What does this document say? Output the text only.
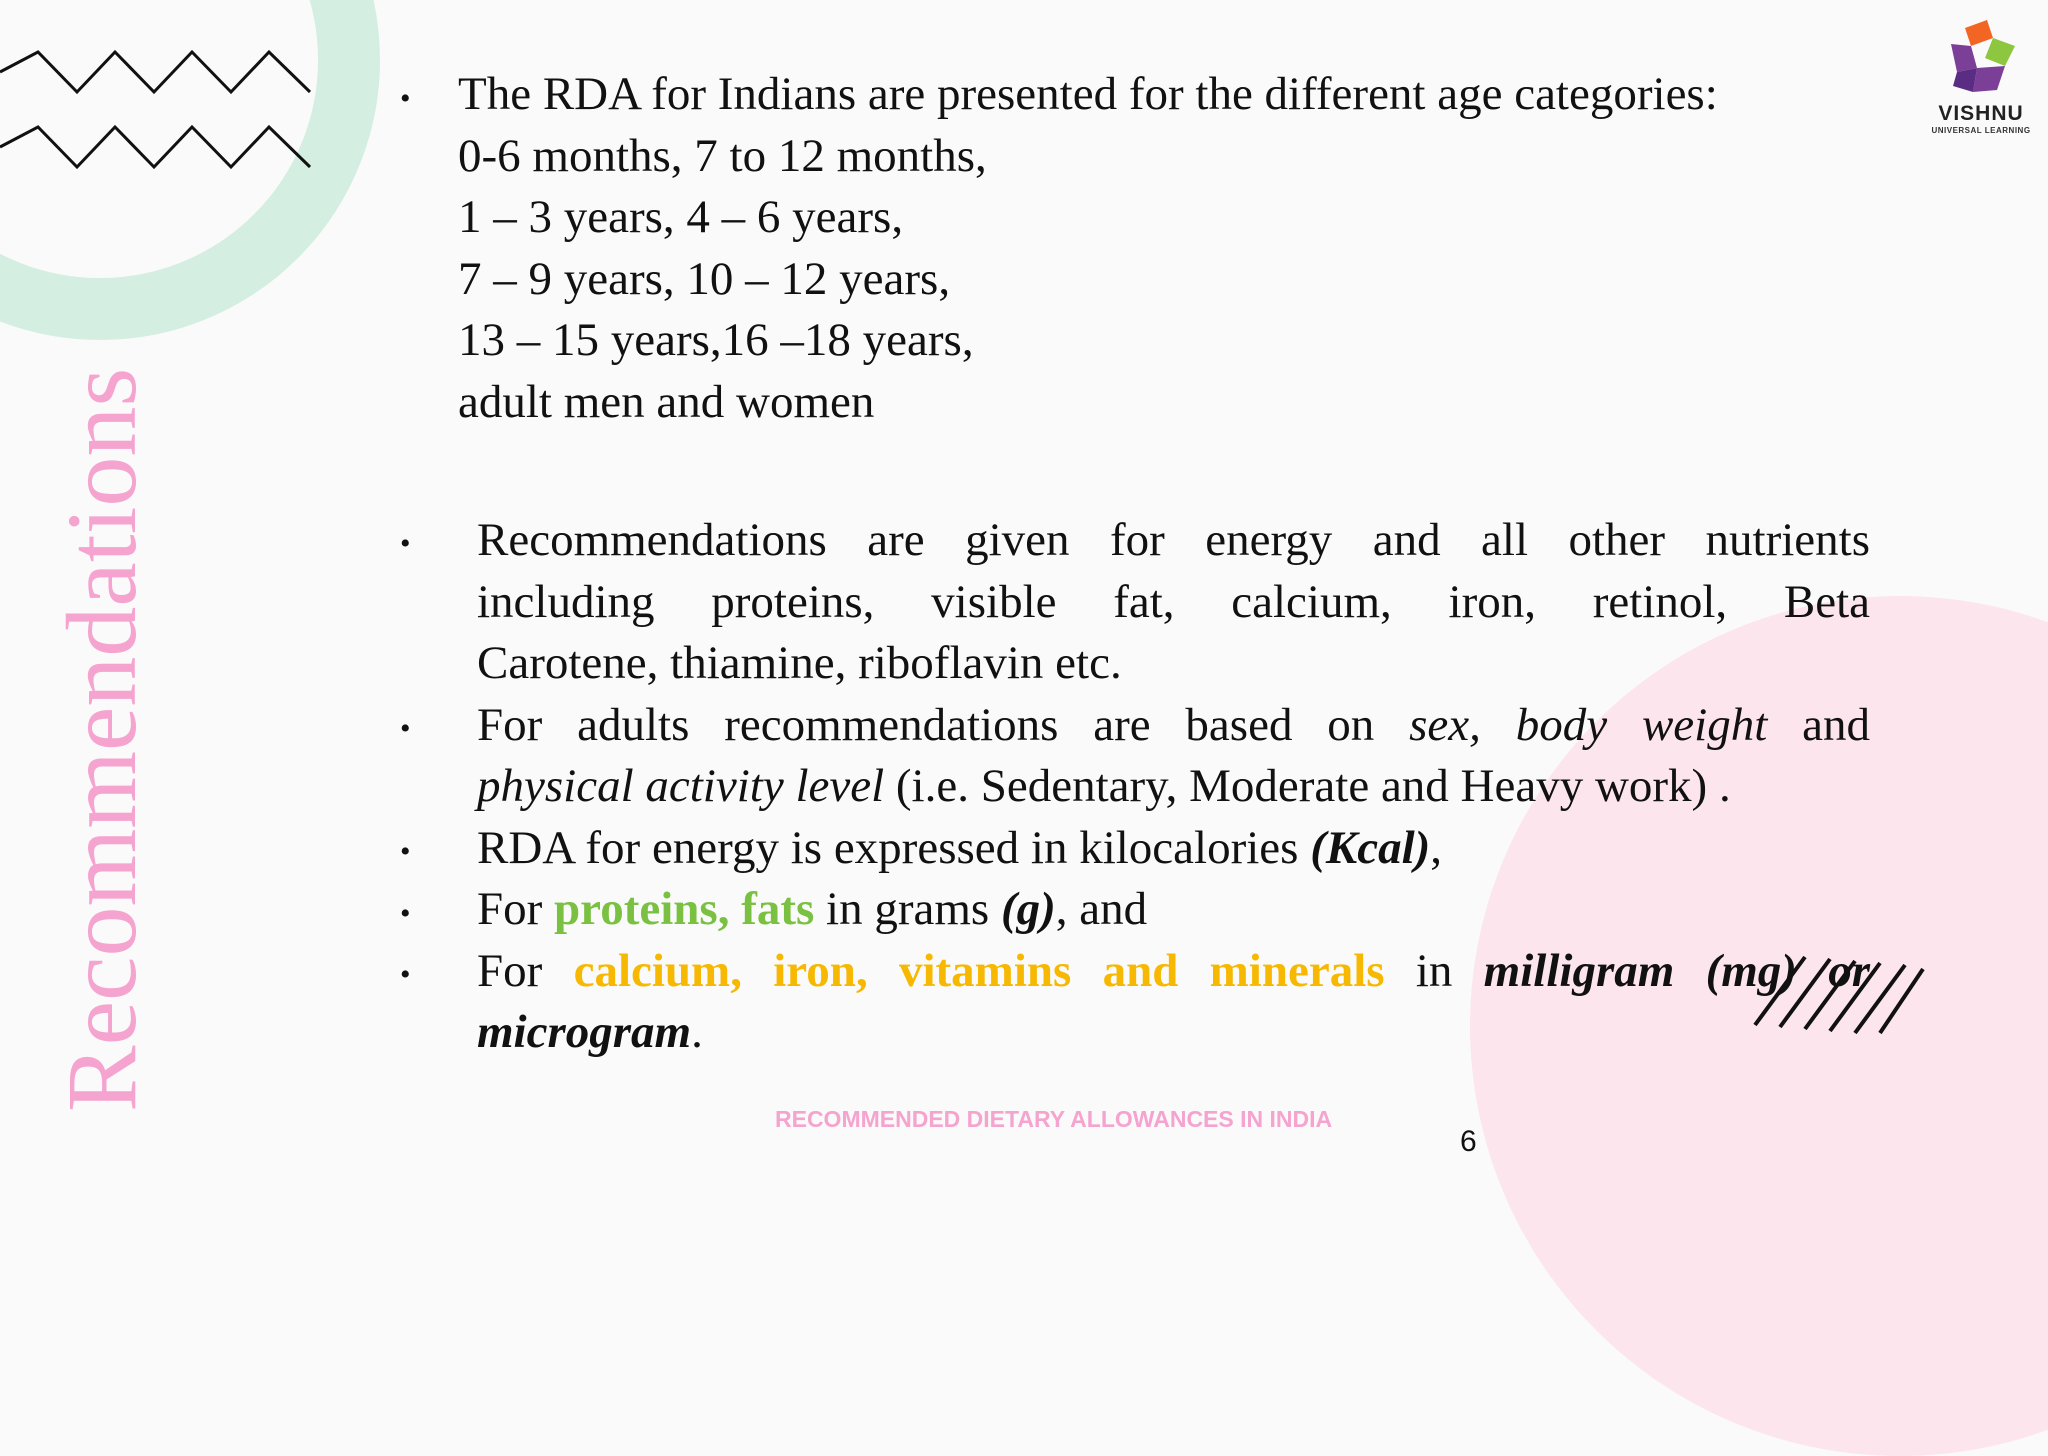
Recommendations
VISHNU
UNIVERSAL LEARNING
• The RDA for Indians are presented for the different age categories:
0-6 months, 7 to 12 months,
1 – 3 years, 4 – 6 years,
7 – 9 years, 10 – 12 years,
13 – 15 years,16 –18 years,
adult men and women
•
•
•
•
•
Recommendations are given for energy and all other nutrients
including proteins, visible fat, calcium, iron, retinol, Beta
Carotene, thiamine, riboflavin etc.
For adults recommendations are based on sex, body weight and
physical activity level (i.e. Sedentary, Moderate and Heavy work) .
RDA for energy is expressed in kilocalories (Kcal),
For proteins, fats in grams (g), and
For calcium, iron, vitamins and minerals in milligram (mg) or
microgram.
RECOMMENDED DIETARY ALLOWANCES IN INDIA
6
